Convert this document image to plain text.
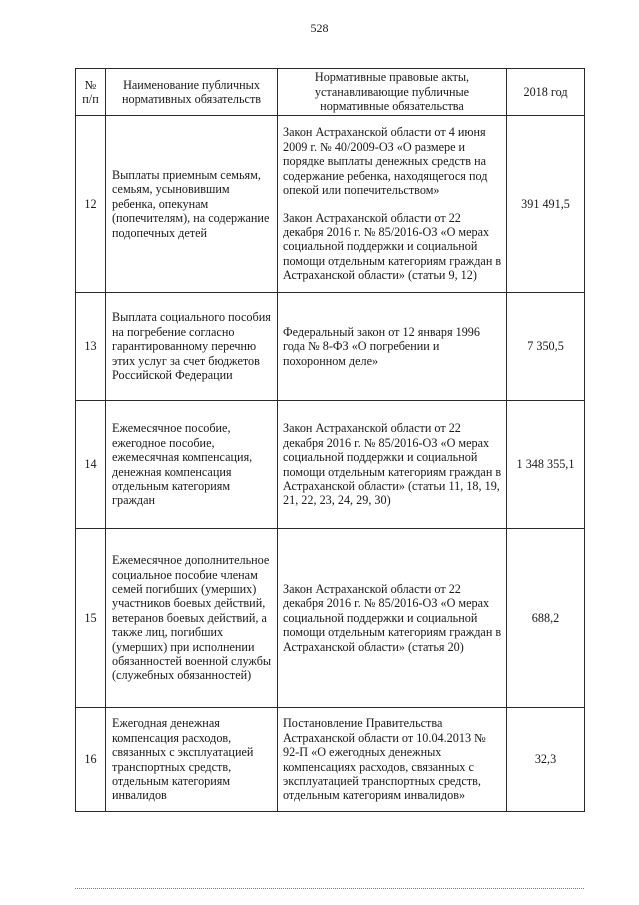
528
№ п/п	Наименование публичных нормативных обязательств	Нормативные правовые акты, устанавливающие публичные нормативные обязательства	2018 год
12	Выплаты приемным семьям, семьям, усыновившим ребенка, опекунам (попечителям), на содержание подопечных детей	Закон Астраханской области от 4 июня 2009 г. № 40/2009-ОЗ «О размере и порядке выплаты денежных средств на содержание ребенка, находящегося под опекой или попечительством»

Закон Астраханской области от 22 декабря 2016 г. № 85/2016-ОЗ «О мерах социальной поддержки и социальной помощи отдельным категориям граждан в Астраханской области» (статьи 9, 12)	391 491,5
13	Выплата социального пособия на погребение согласно гарантированному перечню этих услуг за счет бюджетов Российской Федерации	Федеральный закон от 12 января 1996 года № 8-ФЗ «О погребении и похоронном деле»	7 350,5
14	Ежемесячное пособие, ежегодное пособие, ежемесячная компенсация, денежная компенсация отдельным категориям граждан	Закон Астраханской области от 22 декабря 2016 г. № 85/2016-ОЗ «О мерах социальной поддержки и социальной помощи отдельным категориям граждан в Астраханской области» (статьи 11, 18, 19, 21, 22, 23, 24, 29, 30)	1 348 355,1
15	Ежемесячное дополнительное социальное пособие членам семей погибших (умерших) участников боевых действий, ветеранов боевых действий, а также лиц, погибших (умерших) при исполнении обязанностей военной службы (служебных обязанностей)	Закон Астраханской области от 22 декабря 2016 г. № 85/2016-ОЗ «О мерах социальной поддержки и социальной помощи отдельным категориям граждан в Астраханской области» (статья 20)	688,2
16	Ежегодная денежная компенсация расходов, связанных с эксплуатацией транспортных средств, отдельным категориям инвалидов	Постановление Правительства Астраханской области от 10.04.2013 № 92-П «О ежегодных денежных компенсациях расходов, связанных с эксплуатацией транспортных средств, отдельным категориям инвалидов»	32,3
